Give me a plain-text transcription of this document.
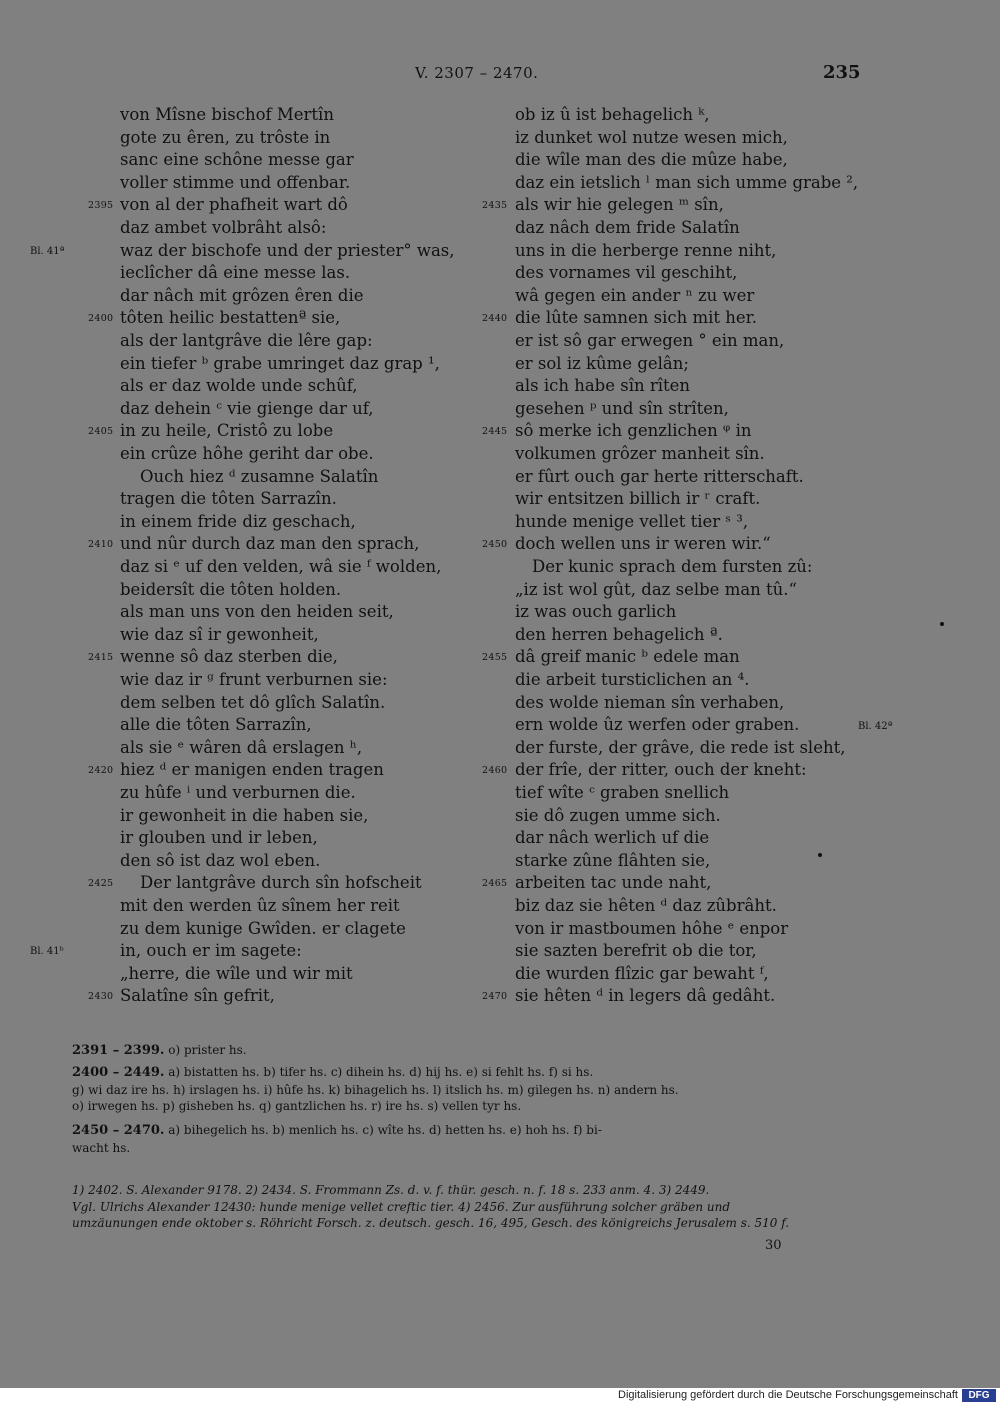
V. 2307 – 2470.	235
von Mîsne bischof Mertîn
gote zu êren, zu trôste in
sanc eine schône messe gar
voller stimme und offenbar.
2395 von al der phafheit wart dô
daz ambet volbrâht alsô:
waz der bischofe und der priester° was,
ieclîcher dâ eine messe las.
dar nâch mit grôzen êren die
2400 tôten heilic bestattenª sie,
als der lantgrâve die lêre gap:
ein tiefer ᵇ grabe umringet daz grap ¹,
als er daz wolde unde schûf,
daz dehein ᶜ vie gienge dar uf,
2405 in zu heile, Cristô zu lobe
ein crûze hôhe geriht dar obe.
Ouch hiez ᵈ zusamne Salatîn
tragen die tôten Sarrazîn.
in einem fride diz geschach,
2410 und nûr durch daz man den sprach,
daz si ᵉ uf den velden, wâ sie ᶠ wolden,
beidersît die tôten holden.
als man uns von den heiden seit,
wie daz sî ir gewonheit,
2415 wenne sô daz sterben die,
wie daz ir ᵍ frunt verburnen sie:
dem selben tet dô glîch Salatîn.
alle die tôten Sarrazîn,
als sie ᵉ wâren dâ erslagen ʰ,
2420 hiez ᵈ er manigen enden tragen
zu hûfe ⁱ und verburnen die.
ir gewonheit in die haben sie,
ir glouben und ir leben,
den sô ist daz wol eben.
2425 Der lantgrâve durch sîn hofscheit
mit den werden ûz sînem her reit
zu dem kunige Gwîden. er clagete
in, ouch er im sagete:
„herre, die wîle und wir mit
2430 Salatîne sîn gefrit,
ob iz û ist behagelich ᵏ,
iz dunket wol nutze wesen mich,
die wîle man des die mûze habe,
daz ein ietslich ˡ man sich umme grabe ²,
2435 als wir hie gelegen ᵐ sîn,
daz nâch dem fride Salatîn
uns in die herberge renne niht,
des vornames vil geschiht,
wâ gegen ein ander ⁿ zu wer
2440 die lûte samnen sich mit her.
er ist sô gar erwegen ° ein man,
er sol iz kûme gelân;
als ich habe sîn rîten
gesehen ᵖ und sîn strîten,
2445 sô merke ich genzlichen ᵠ in
volkumen grôzer manheit sîn.
er fûrt ouch gar herte ritterschaft.
wir entsitzen billich ir ʳ craft.
hunde menige vellet tier ˢ ³,
2450 doch wellen uns ir weren wir.“
Der kunic sprach dem fursten zû:
„iz ist wol gût, daz selbe man tû.“
iz was ouch garlich
den herren behagelich ª.
2455 dâ greif manic ᵇ edele man
die arbeit tursticlichen an ⁴.
des wolde nieman sîn verhaben,
ern wolde ûz werfen oder graben.
der furste, der grâve, die rede ist sleht,
2460 der frîe, der ritter, ouch der kneht:
tief wîte ᶜ graben snellich
sie dô zugen umme sich.
dar nâch werlich uf die
starke zûne flâhten sie,
2465 arbeiten tac unde naht,
biz daz sie hêten ᵈ daz zûbrâht.
von ir mastboumen hôhe ᵉ enpor
sie sazten berefrit ob die tor,
die wurden flîzic gar bewaht ᶠ,
2470 sie hêten ᵈ in legers dâ gedâht.
Bl. 41ª
Bl. 42ª
Bl. 41ᵇ
2391 – 2399. o) prister hs.
2400 – 2449. a) bistatten hs. b) tifer hs. c) dihein hs. d) hij hs. e) si fehlt hs. f) si hs.
g) wi daz ire hs. h) irslagen hs. i) hûfe hs. k) bihagelich hs. l) itslich hs. m) gilegen hs. n) andern hs.
o) irwegen hs. p) gisheben hs. q) gantzlichen hs. r) ire hs. s) vellen tyr hs.
2450 – 2470. a) bihegelich hs. b) menlich hs. c) wîte hs. d) hetten hs. e) hoh hs. f) bi-
wacht hs.
1) 2402. S. Alexander 9178. 2) 2434. S. Frommann Zs. d. v. f. thür. gesch. n. f. 18 s. 233 anm. 4. 3) 2449.
Vgl. Ulrichs Alexander 12430: hunde menige vellet creftic tier. 4) 2456. Zur ausführung solcher gräben und
umzäunungen ende oktober s. Röhricht Forsch. z. deutsch. gesch. 16, 495, Gesch. des königreichs Jerusalem s. 510 f.
30
Digitalisierung gefördert durch die Deutsche Forschungsgemeinschaft	DFG
